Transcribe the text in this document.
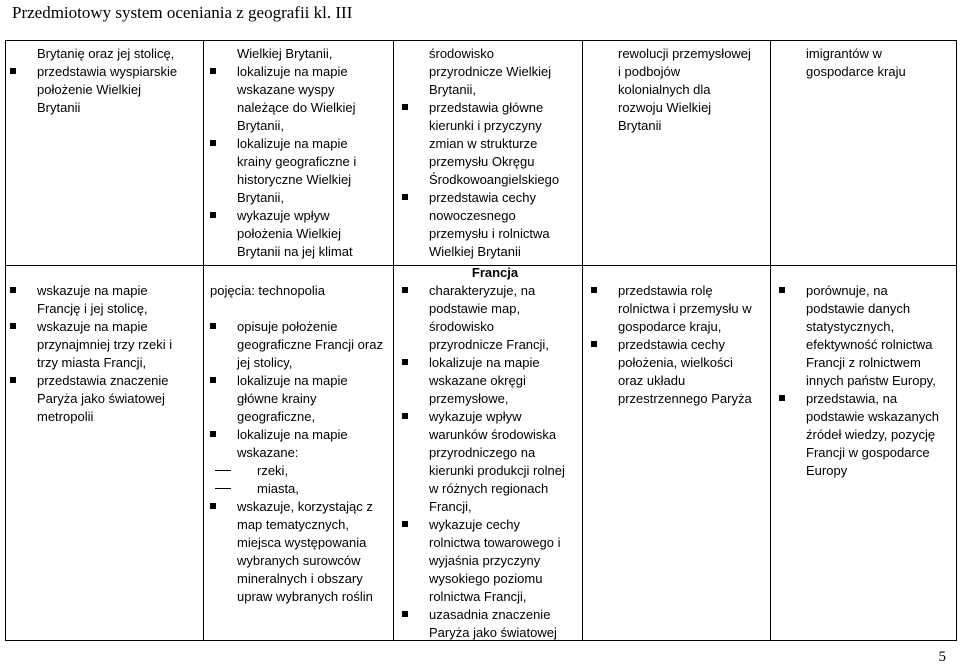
Przedmiotowy system oceniania z geografii kl. III
Brytanię oraz jej stolicę,
przedstawia wyspiarskie
położenie Wielkiej
Brytanii
Wielkiej Brytanii,
lokalizuje na mapie
wskazane wyspy
należące do Wielkiej
Brytanii,
lokalizuje na mapie
krainy geograficzne i
historyczne Wielkiej
Brytanii,
wykazuje wpływ
położenia Wielkiej
Brytanii na jej klimat
środowisko
przyrodnicze Wielkiej
Brytanii,
przedstawia główne
kierunki i przyczyny
zmian w strukturze
przemysłu Okręgu
Środkowoangielskiego
przedstawia cechy
nowoczesnego
przemysłu i rolnictwa
Wielkiej Brytanii
rewolucji przemysłowej
i podbojów
kolonialnych dla
rozwoju Wielkiej
Brytanii
imigrantów w
gospodarce kraju
Francja
wskazuje na mapie
Francję i jej stolicę,
wskazuje na mapie
przynajmniej trzy rzeki i
trzy miasta Francji,
przedstawia znaczenie
Paryża jako światowej
metropolii
pojęcia: technopolia
opisuje położenie
geograficzne Francji oraz
jej stolicy,
lokalizuje na mapie
główne krainy
geograficzne,
lokalizuje na mapie
wskazane:
rzeki,
miasta,
wskazuje, korzystając z
map tematycznych,
miejsca występowania
wybranych surowców
mineralnych i obszary
upraw wybranych roślin
charakteryzuje, na
podstawie map,
środowisko
przyrodnicze Francji,
lokalizuje na mapie
wskazane okręgi
przemysłowe,
wykazuje wpływ
warunków środowiska
przyrodniczego na
kierunki produkcji rolnej
w różnych regionach
Francji,
wykazuje cechy
rolnictwa towarowego i
wyjaśnia przyczyny
wysokiego poziomu
rolnictwa Francji,
uzasadnia znaczenie
Paryża jako światowej
przedstawia rolę
rolnictwa i przemysłu w
gospodarce kraju,
przedstawia cechy
położenia, wielkości
oraz układu
przestrzennego Paryża
porównuje, na
podstawie danych
statystycznych,
efektywność rolnictwa
Francji z rolnictwem
innych państw Europy,
przedstawia, na
podstawie wskazanych
źródeł wiedzy, pozycję
Francji w gospodarce
Europy
5
